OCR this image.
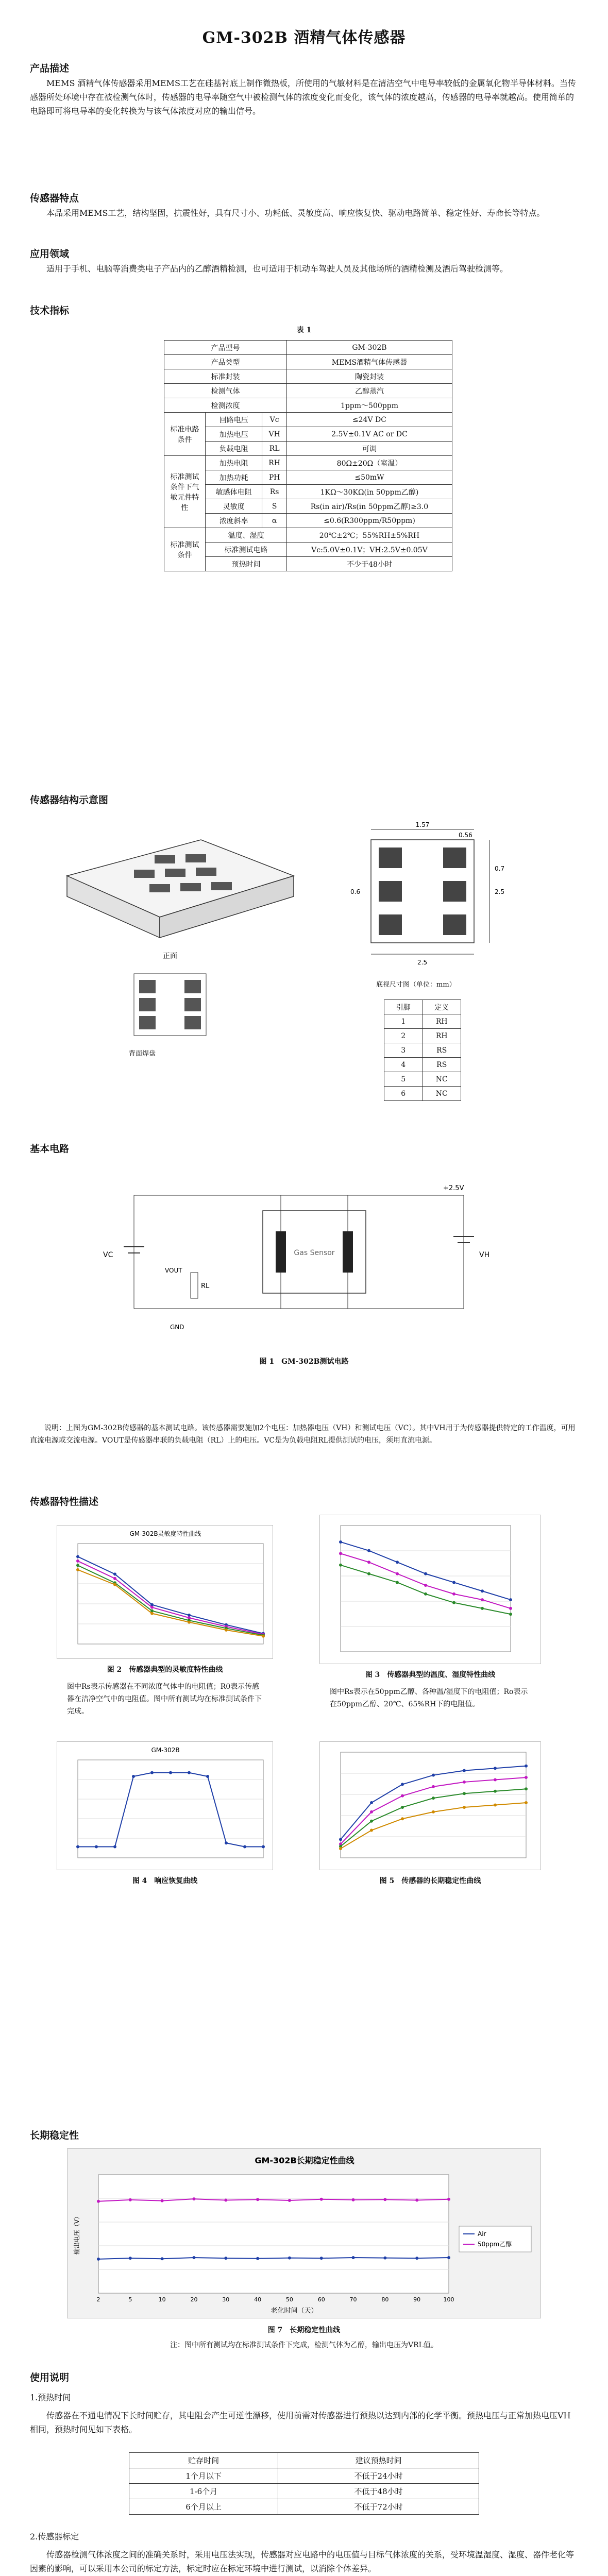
GM-302B 酒精气体传感器
产品描述
MEMS 酒精气体传感器采用MEMS工艺在硅基衬底上制作微热板，所使用的气敏材料是在清洁空气中电导率较低的金属氧化物半导体材料。当传感器所处环境中存在被检测气体时，传感器的电导率随空气中被检测气体的浓度变化而变化，该气体的浓度越高，传感器的电导率就越高。使用简单的电路即可将电导率的变化转换为与该气体浓度对应的输出信号。
传感器特点
本品采用MEMS工艺，结构坚固，抗震性好，具有尺寸小、功耗低、灵敏度高、响应恢复快、驱动电路简单、稳定性好、寿命长等特点。
应用领域
适用于手机、电脑等消费类电子产品内的乙醇酒精检测，也可适用于机动车驾驶人员及其他场所的酒精检测及酒后驾驶检测等。
技术指标
表 1
产品型号			GM-302B
产品类型			MEMS酒精气体传感器
标准封装			陶瓷封装
检测气体			乙醇蒸汽
检测浓度			1ppm～500ppm
标准电路条件	回路电压	Vc	≤24V DC
	加热电压	VH	2.5V±0.1V AC or DC
	负载电阻	RL	可调
标准测试条件下气敏元件特性	加热电阻	RH	80Ω±20Ω（室温）
	加热功耗	PH	≤50mW
	敏感体电阻	Rs	1KΩ～30KΩ(in 50ppm乙醇)
	灵敏度	S	Rs(in air)/Rs(in 50ppm乙醇)≥3.0
	浓度斜率	α	≤0.6(R300ppm/R50ppm)
标准测试条件	温度、湿度		20℃±2℃；55%RH±5%RH
	标准测试电路		Vc:5.0V±0.1V；VH:2.5V±0.05V
	预热时间		不少于48小时
传感器结构示意图
正面
背面焊盘
1.57
0.56
2.5
0.7
2.5
0.6
底视尺寸图（单位：mm）
引脚	定义
1	RH
2	RH
3	RS
4	RS
5	NC
6	NC
基本电路
Gas Sensor
RL
VC	VH
VOUT
GND
+2.5V
图 1　GM-302B测试电路
说明：上图为GM-302B传感器的基本测试电路。该传感器需要施加2个电压：加热器电压（VH）和测试电压（VC）。其中VH用于为传感器提供特定的工作温度，可用直流电源或交流电源。VOUT是传感器串联的负载电阻（RL）上的电压。VC是为负载电阻RL提供测试的电压，须用直流电源。
传感器特性描述
GM-302B灵敏度特性曲线
图 2　传感器典型的灵敏度特性曲线
图中Rs表示传感器在不同浓度气体中的电阻值；R0表示传感器在洁净空气中的电阻值。图中所有测试均在标准测试条件下完成。
图 3　传感器典型的温度、湿度特性曲线
图中Rs表示在50ppm乙醇、各种温/湿度下的电阻值；Ro表示在50ppm乙醇、20℃、65%RH下的电阻值。
GM-302B
图 4　响应恢复曲线	图 5　传感器的长期稳定性曲线
长期稳定性
GM-302B长期稳定性曲线
输出电压（V）
老化时间（天）
Air
50ppm乙醇
2	5	10	20	30	40	50	60	70	80	90	100
图 7　长期稳定性曲线
注：图中所有测试均在标准测试条件下完成，检测气体为乙醇，输出电压为VRL值。
使用说明
1.预热时间
传感器在不通电情况下长时间贮存，其电阻会产生可逆性漂移，使用前需对传感器进行预热以达到内部的化学平衡。预热电压与正常加热电压VH相同，预热时间见如下表格。
贮存时间	建议预热时间
1个月以下	不低于24小时
1-6个月	不低于48小时
6个月以上	不低于72小时
2.传感器标定
传感器检测气体浓度之间的准确关系时，采用电压法实现，传感器对应电路中的电压值与目标气体浓度的关系，受环境温湿度、湿度、器件老化等因素的影响，可以采用本公司的标定方法，标定时应在标定环境中进行测试，以消除个体差异。
